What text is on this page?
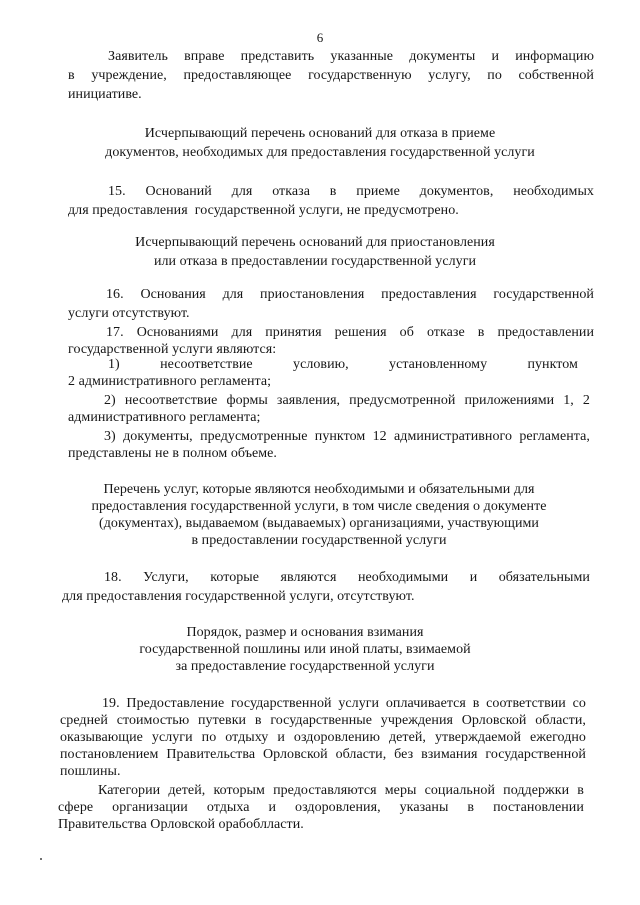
6
Заявитель вправе представить указанные документы и информацию
в учреждение, предоставляющее государственную услугу, по собственной
инициативе.
Исчерпывающий перечень оснований для отказа в приеме
документов, необходимых для предоставления государственной услуги
15. Оснований для отказа в приеме документов, необходимых
для предоставления  государственной услуги, не предусмотрено.
Исчерпывающий перечень оснований для приостановления
или отказа в предоставлении государственной услуги
16. Основания для приостановления предоставления государственной
услуги отсутствуют.
17. Основаниями для принятия решения об отказе в предоставлении
государственной услуги являются:
1)	несоответствие	условию,	установленному	пунктом
2 административного регламента;
2) несоответствие формы заявления, предусмотренной приложениями 1, 2
административного регламента;
3) документы, предусмотренные пунктом 12 административного регламента,
представлены не в полном объеме.
Перечень услуг, которые являются необходимыми и обязательными для
предоставления государственной услуги, в том числе сведения о документе
(документах), выдаваемом (выдаваемых) организациями, участвующими
в предоставлении государственной услуги
18. Услуги, которые являются необходимыми и обязательными
для предоставления государственной услуги, отсутствуют.
Порядок, размер и основания взимания
государственной пошлины или иной платы, взимаемой
за предоставление государственной услуги
19. Предоставление государственной услуги оплачивается в соответствии со
средней стоимостью путевки в государственные учреждения Орловской области,
оказывающие услуги по отдыху и оздоровлению детей, утверждаемой ежегодно
постановлением Правительства Орловской области, без взимания государственной
пошлины.
Категории детей, которым предоставляются меры социальной поддержки в
сфере организации отдыха и оздоровления, указаны в постановлении
Правительства Орловской орабоблласти.
